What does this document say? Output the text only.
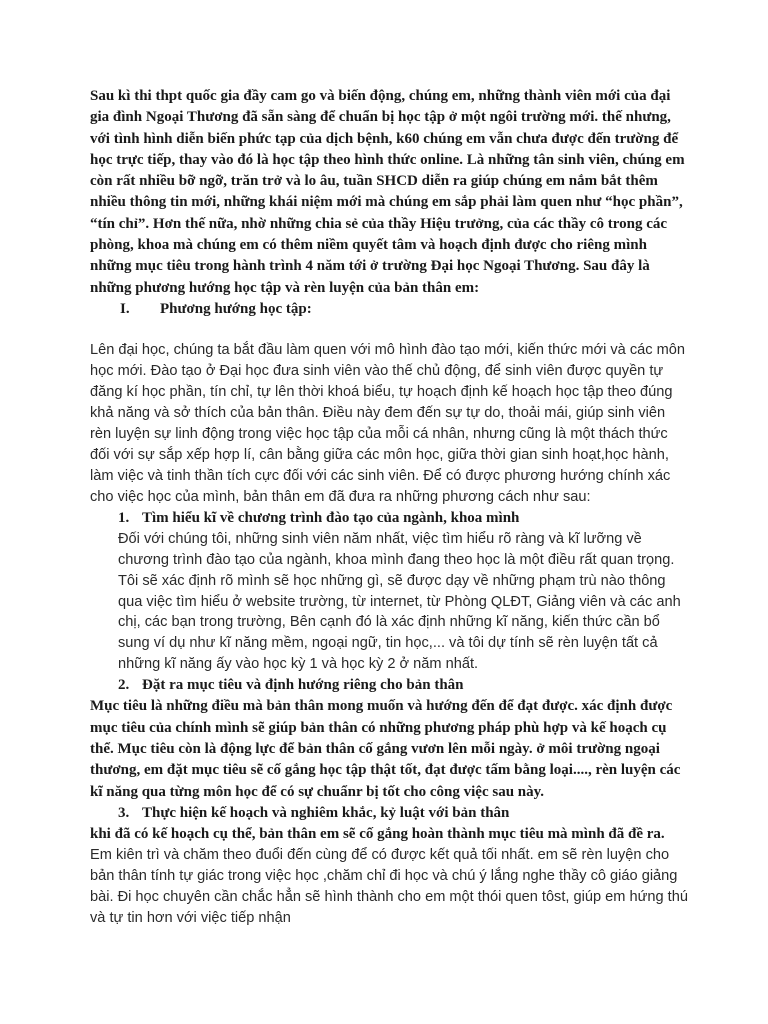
Sau kì thi thpt quốc gia đầy cam go và biến động, chúng em, những thành viên mới của đại gia đình Ngoại Thương đã sẵn sàng để chuẩn bị học tập ở một ngôi trường mới. thế nhưng, với tình hình diễn biến phức tạp của dịch bệnh, k60 chúng em vẫn chưa được đến trường để học trực tiếp, thay vào đó là học tập theo hình thức online. Là những tân sinh viên, chúng em còn rất nhiều bỡ ngỡ, trăn trở và lo âu, tuần SHCD diễn ra giúp chúng em nắm bắt thêm nhiều thông tin mới, những khái niệm mới mà chúng em sắp phải làm quen như “học phần”, “tín chỉ”. Hơn thế nữa, nhờ những chia sẻ của thầy Hiệu trưởng, của các thầy cô trong các phòng, khoa mà chúng em có thêm niềm quyết tâm và hoạch định được cho riêng mình những mục tiêu trong hành trình 4 năm tới ở trường Đại học Ngoại Thương. Sau đây là những phương hướng học tập và rèn luyện của bản thân em:

I.	Phương hướng học tập:

Lên đại học, chúng ta bắt đầu làm quen với mô hình đào tạo mới, kiến thức mới và các môn học mới. Đào tạo ở Đại học đưa sinh viên vào thế chủ động, để sinh viên được quyền tự đăng kí học phần, tín chỉ, tự lên thời khoá biểu, tự hoạch định kế hoạch học tập theo đúng khả năng và sở thích của bản thân. Điều này đem đến sự tự do, thoải mái, giúp sinh viên rèn luyện sự linh động trong việc học tập của mỗi cá nhân, nhưng cũng là một thách thức đối với sự sắp xếp hợp lí, cân bằng giữa các môn học, giữa thời gian sinh hoạt,học hành, làm việc và tinh thần tích cực đối với các sinh viên. Để có được phương hướng chính xác cho việc học của mình, bản thân em đã đưa ra những phương cách như sau:

1. Tìm hiểu kĩ về chương trình đào tạo của ngành, khoa mình

Đối với chúng tôi, những sinh viên năm nhất, việc tìm hiểu rõ ràng và kĩ lưỡng về chương trình đào tạo của ngành, khoa mình đang theo học là một điều rất quan trọng. Tôi sẽ xác định rõ mình sẽ học những gì, sẽ được dạy về những phạm trù nào thông qua việc tìm hiểu ở website trường, từ internet, từ Phòng QLĐT, Giảng viên và các anh chị, các bạn trong trường, Bên cạnh đó là xác định những kĩ năng, kiến thức cần bổ sung ví dụ như kĩ năng mềm, ngoại ngữ, tin học,... và tôi dự tính sẽ rèn luyện tất cả những kĩ năng ấy vào học kỳ 1 và học kỳ 2 ở năm nhất.

2. Đặt ra mục tiêu và định hướng riêng cho bản thân

Mục tiêu là những điều mà bản thân mong muốn và hướng đến để đạt được. xác định được mục tiêu của chính mình sẽ giúp bản thân có những phương pháp phù hợp và kế hoạch cụ thể. Mục tiêu còn là động lực để bản thân cố gắng vươn lên mỗi ngày. ở môi trường ngoại thương, em đặt mục tiêu sẽ cố gắng học tập thật tốt, đạt được tấm bằng loại...., rèn luyện các kĩ năng qua từng môn học để có sự chuẩnr bị tốt cho công việc sau này.

3. Thực hiện kế hoạch và nghiêm khắc, kỷ luật với bản thân

khi đã có kế hoạch cụ thể, bản thân em sẽ cố gắng hoàn thành mục tiêu mà mình đã đề ra. Em kiên trì và chăm theo đuổi đến cùng để có được kết quả tối nhất. em sẽ rèn luyện cho bản thân tính tự giác trong việc học ,chăm chỉ đi học và chú ý lắng nghe thầy cô giáo giảng bài. Đi học chuyên cần chắc hẳn sẽ hình thành cho em một thói quen tôst, giúp em hứng thú và tự tin hơn với việc tiếp nhận
